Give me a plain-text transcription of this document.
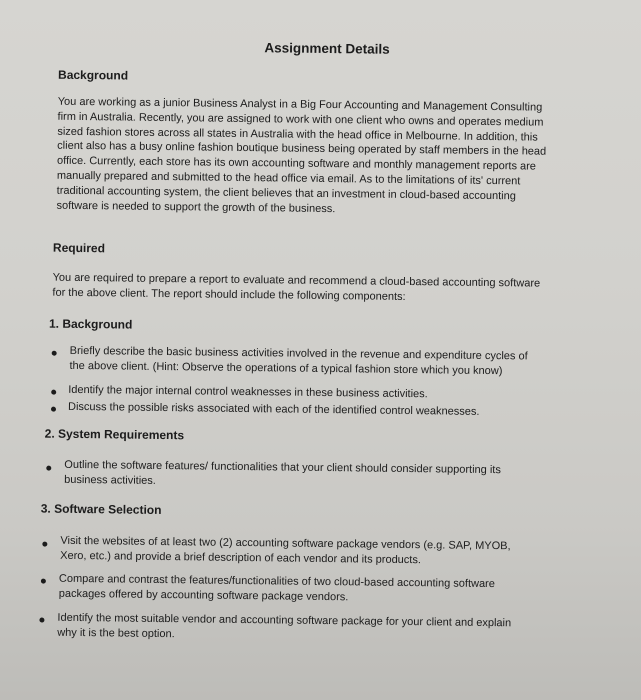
Assignment Details
Background

You are working as a junior Business Analyst in a Big Four Accounting and Management Consulting
firm in Australia. Recently, you are assigned to work with one client who owns and operates medium
sized fashion stores across all states in Australia with the head office in Melbourne. In addition, this
client also has a busy online fashion boutique business being operated by staff members in the head
office. Currently, each store has its own accounting software and monthly management reports are
manually prepared and submitted to the head office via email. As to the limitations of its' current
traditional accounting system, the client believes that an investment in cloud-based accounting
software is needed to support the growth of the business.

Required

You are required to prepare a report to evaluate and recommend a cloud-based accounting software
for the above client. The report should include the following components:

1. Background
Briefly describe the basic business activities involved in the revenue and expenditure cycles of
the above client. (Hint: Observe the operations of a typical fashion store which you know)
Identify the major internal control weaknesses in these business activities.
Discuss the possible risks associated with each of the identified control weaknesses.
2. System Requirements
Outline the software features/ functionalities that your client should consider supporting its
business activities.
3. Software Selection
Visit the websites of at least two (2) accounting software package vendors (e.g. SAP, MYOB,
Xero, etc.) and provide a brief description of each vendor and its products.
Compare and contrast the features/functionalities of two cloud-based accounting software
packages offered by accounting software package vendors.
Identify the most suitable vendor and accounting software package for your client and explain
why it is the best option.
